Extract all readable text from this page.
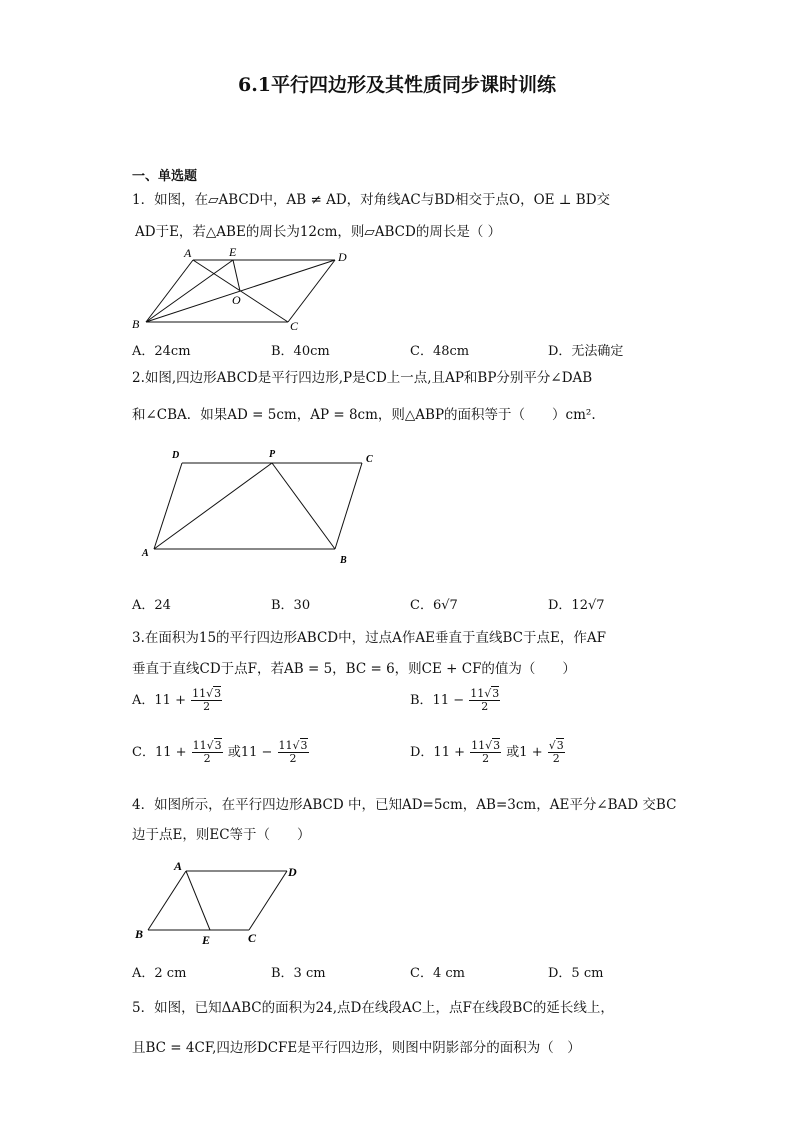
6.1平行四边形及其性质同步课时训练
一、单选题
1．如图，在▱ABCD中，AB ≠ AD，对角线AC与BD相交于点O，OE ⊥ BD交
AD于E，若△ABE的周长为12cm，则▱ABCD的周长是（ ）
A	E	D
O
B	C
A．24cm	B．40cm	C．48cm	D．无法确定
2.如图,四边形ABCD是平行四边形,P是CD上一点,且AP和BP分别平分∠DAB
和∠CBA．如果AD = 5cm，AP = 8cm，则△ABP的面积等于（　　）cm².
D	P	C
A
B
A．24	B．30	C．6√7	D．12√7
3.在面积为15的平行四边形ABCD中，过点A作AE垂直于直线BC于点E，作AF
垂直于直线CD于点F，若AB = 5，BC = 6，则CE + CF的值为（　　）
A．$11 + \frac{11√3}{2}$	B．$11 - \frac{11√3}{2}$
C．$11 + \frac{11√3}{2}$ 或$11 - \frac{11√3}{2}$	D．$11 + \frac{11√3}{2}$ 或$1 + \frac{√3}{2}$
4．如图所示，在平行四边形ABCD 中，已知AD=5cm，AB=3cm，AE平分∠BAD 交BC
边于点E，则EC等于（　　）
A	D
B	E	C
A．2 cm	B．3 cm	C．4 cm	D．5 cm
5．如图，已知ΔABC的面积为24,点D在线段AC上，点F在线段BC的延长线上，
且BC = 4CF,四边形DCFE是平行四边形，则图中阴影部分的面积为（　）
